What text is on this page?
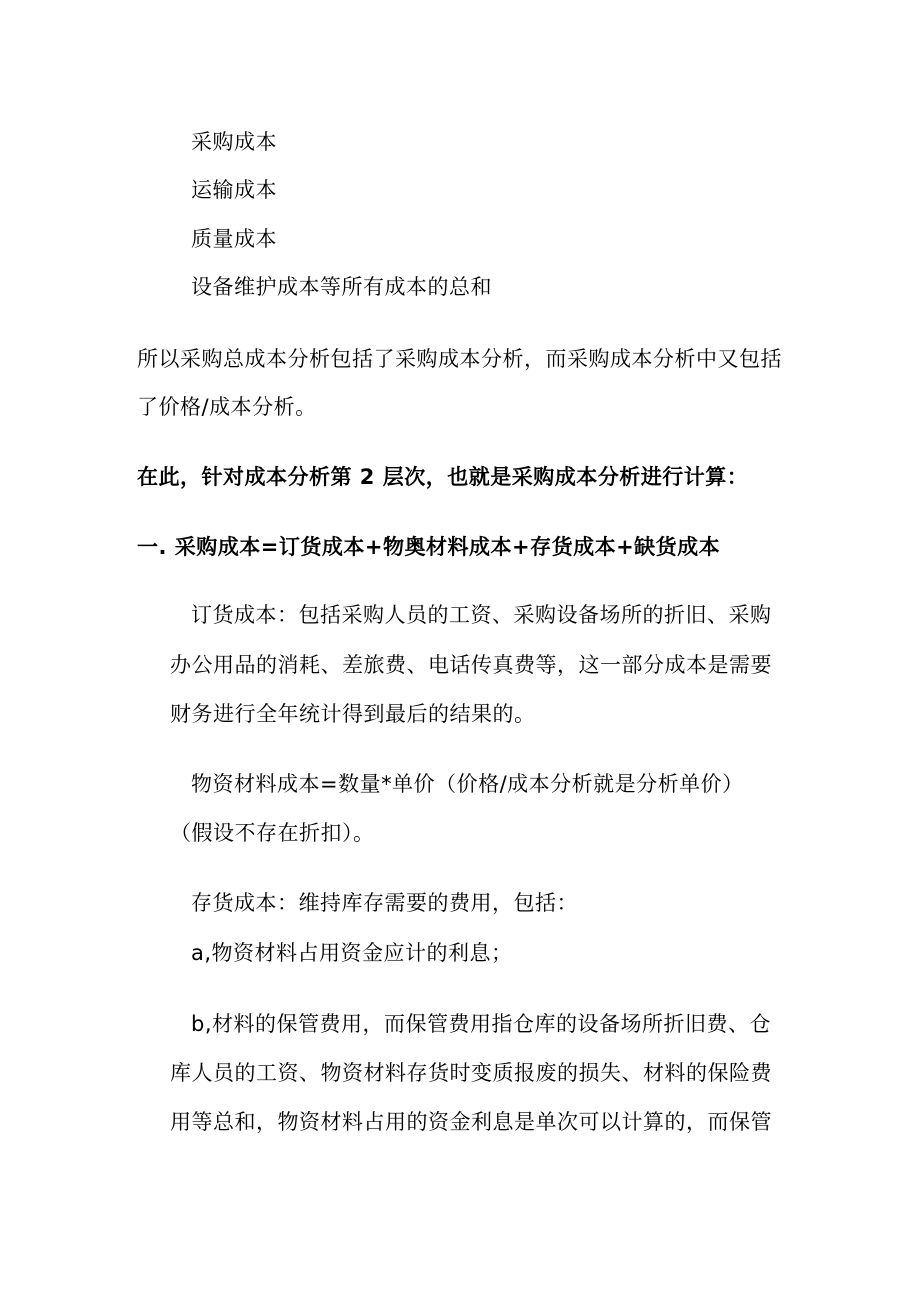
采购成本
运输成本
质量成本
设备维护成本等所有成本的总和
所以采购总成本分析包括了采购成本分析，而采购成本分析中又包括
了价格/成本分析。
在此，针对成本分析第 2 层次，也就是采购成本分析进行计算：
一. 采购成本=订货成本+物奥材料成本+存货成本+缺货成本
订货成本：包括采购人员的工资、采购设备场所的折旧、采购
办公用品的消耗、差旅费、电话传真费等，这一部分成本是需要
财务进行全年统计得到最后的结果的。
物资材料成本=数量*单价（价格/成本分析就是分析单价）
（假设不存在折扣）。
存货成本：维持库存需要的费用，包括：
a,物资材料占用资金应计的利息；
b,材料的保管费用，而保管费用指仓库的设备场所折旧费、仓
库人员的工资、物资材料存货时变质报废的损失、材料的保险费
用等总和，物资材料占用的资金利息是单次可以计算的，而保管
